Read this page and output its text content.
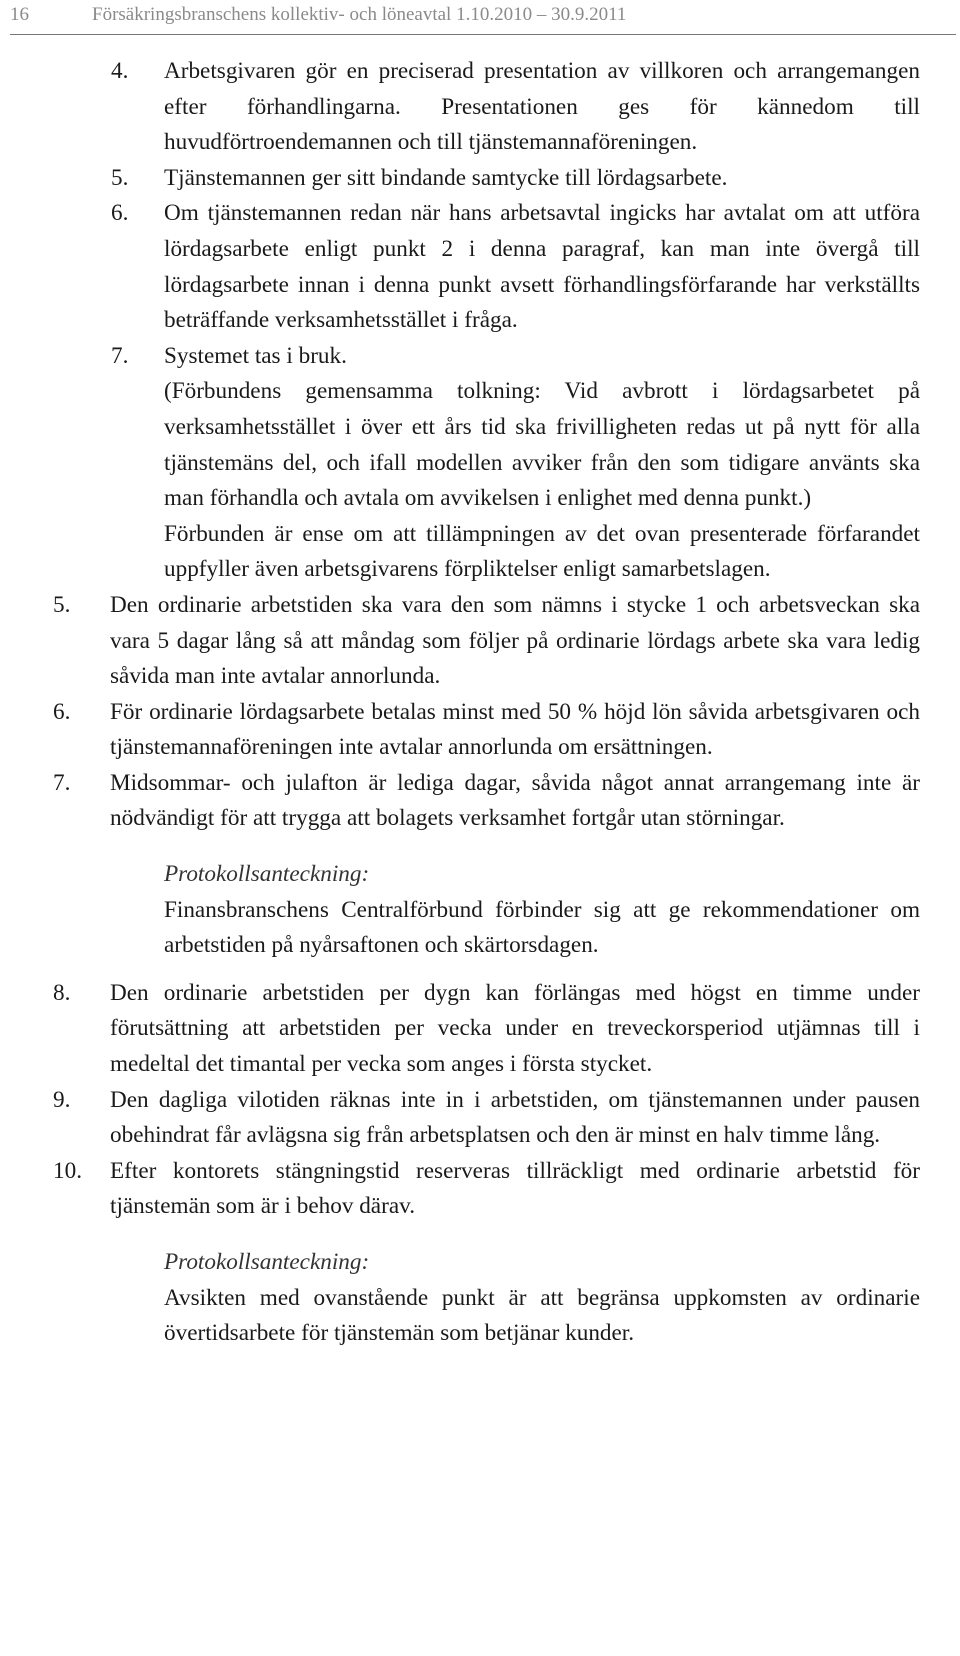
16	Försäkringsbranschens kollektiv- och löneavtal 1.10.2010 – 30.9.2011
4. Arbetsgivaren gör en preciserad presentation av villkoren och arrangemangen efter förhandlingarna. Presentationen ges för kännedom till huvudförtroendemannen och till tjänstemannaföreningen.
5. Tjänstemannen ger sitt bindande samtycke till lördagsarbete.
6. Om tjänstemannen redan när hans arbetsavtal ingicks har avtalat om att utföra lördagsarbete enligt punkt 2 i denna paragraf, kan man inte övergå till lördagsarbete innan i denna punkt avsett förhandlingsförfarande har verkställts beträffande verksamhetsstället i fråga.
7. Systemet tas i bruk.
(Förbundens gemensamma tolkning: Vid avbrott i lördagsarbetet på verksamhetsstället i över ett års tid ska frivilligheten redas ut på nytt för alla tjänstemäns del, och ifall modellen avviker från den som tidigare använts ska man förhandla och avtala om avvikelsen i enlighet med denna punkt.)
Förbunden är ense om att tillämpningen av det ovan presenterade förfarandet uppfyller även arbetsgivarens förpliktelser enligt samarbetslagen.
5. Den ordinarie arbetstiden ska vara den som nämns i stycke 1 och arbetsveckan ska vara 5 dagar lång så att måndag som följer på ordinarie lördags arbete ska vara ledig såvida man inte avtalar annorlunda.
6. För ordinarie lördagsarbete betalas minst med 50 % höjd lön såvida arbetsgivaren och tjänstemannaföreningen inte avtalar annorlunda om ersättningen.
7. Midsommar- och julafton är lediga dagar, såvida något annat arrangemang inte är nödvändigt för att trygga att bolagets verksamhet fortgår utan störningar.
Protokollsanteckning:
Finansbranschens Centralförbund förbinder sig att ge rekommendationer om arbetstiden på nyårsaftonen och skärtorsdagen.
8. Den ordinarie arbetstiden per dygn kan förlängas med högst en timme under förutsättning att arbetstiden per vecka under en treveckorsperiod utjämnas till i medeltal det timantal per vecka som anges i första stycket.
9. Den dagliga vilotiden räknas inte in i arbetstiden, om tjänstemannen under pausen obehindrat får avlägsna sig från arbetsplatsen och den är minst en halv timme lång.
10. Efter kontorets stängningstid reserveras tillräckligt med ordinarie arbetstid för tjänstemän som är i behov därav.
Protokollsanteckning:
Avsikten med ovanstående punkt är att begränsa uppkomsten av ordinarie övertidsarbete för tjänstemän som betjänar kunder.
